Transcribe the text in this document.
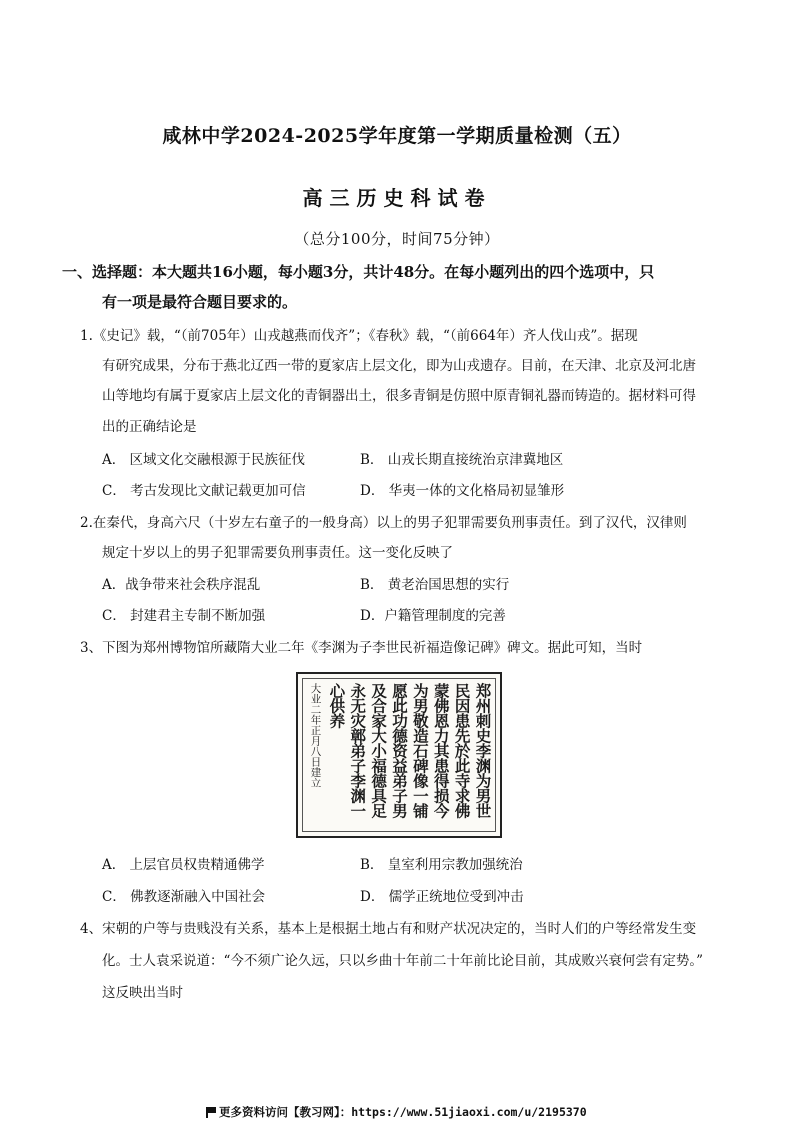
咸林中学2024-2025学年度第一学期质量检测（五）
高三历史科试卷
（总分100分，时间75分钟）
一、选择题：本大题共16小题，每小题3分，共计48分。在每小题列出的四个选项中，只
有一项是最符合题目要求的。
1.《史记》载，“（前705年）山戎越燕而伐齐”；《春秋》载，“（前664年）齐人伐山戎”。据现
有研究成果，分布于燕北辽西一带的夏家店上层文化，即为山戎遗存。目前，在天津、北京及河北唐
山等地均有属于夏家店上层文化的青铜器出土，很多青铜是仿照中原青铜礼器而铸造的。据材料可得
出的正确结论是
A． 区域文化交融根源于民族征伐	B． 山戎长期直接统治京津冀地区
C． 考古发现比文献记载更加可信	D． 华夷一体的文化格局初显雏形
2.在秦代，身高六尺（十岁左右童子的一般身高）以上的男子犯罪需要负刑事责任。到了汉代，汉律则
规定十岁以上的男子犯罪需要负刑事责任。这一变化反映了
A．战争带来社会秩序混乱	B． 黄老治国思想的实行
C． 封建君主专制不断加强	D．户籍管理制度的完善
3、下图为郑州博物馆所藏隋大业二年《李渊为子李世民祈福造像记碑》碑文。据此可知，当时
郑州刺史李渊为男世
民因患先於此寺求佛
蒙佛恩力其患得损今
为男敬造石碑像一铺
愿此功德资益弟子男
及合家大小福德具足
永无灾鄣弟子李渊一
心供养
大业二年正月八日建立
A． 上层官员权贵精通佛学	B． 皇室利用宗教加强统治
C． 佛教逐渐融入中国社会	D． 儒学正统地位受到冲击
4、宋朝的户等与贵贱没有关系，基本上是根据土地占有和财产状况决定的，当时人们的户等经常发生变
化。士人袁采说道：“今不须广论久远，只以乡曲十年前二十年前比论目前，其成败兴衰何尝有定势。”
这反映出当时
更多资料访问【教习网】：https://www.51jiaoxi.com/u/2195370
